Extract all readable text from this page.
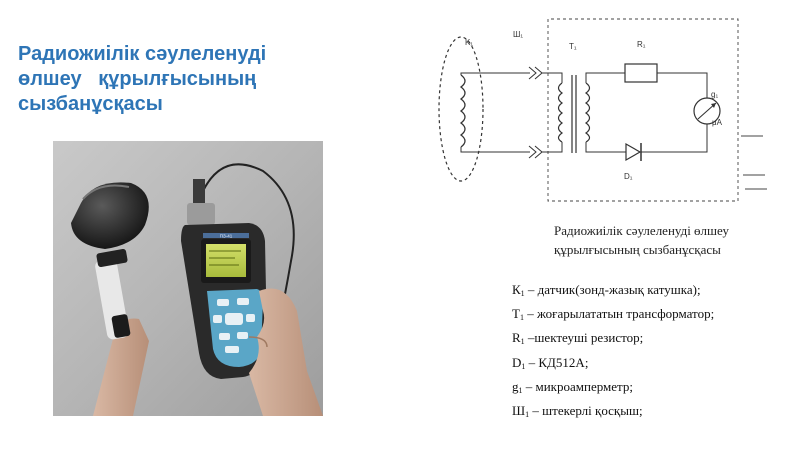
Радиожиілік сәулеленуді
өлшеу   құрылғысының
сызбанұсқасы
ПЗ-41
K₁
Ш₁
T₁	R₁
D₁
g₁
μA
Радиожиілік сәулеленуді өлшеу
құрылғысының сызбанұсқасы
$К_1$ – датчик(зонд-жазық катушка);
$Т_1$ – жоғарылататын трансформатор;
$R_1$ –шектеуші резистор;
$D_1 - КД512А$;
$g_1$ – микроамперметр;
$Ш_1$ – штекерлі қосқыш;
